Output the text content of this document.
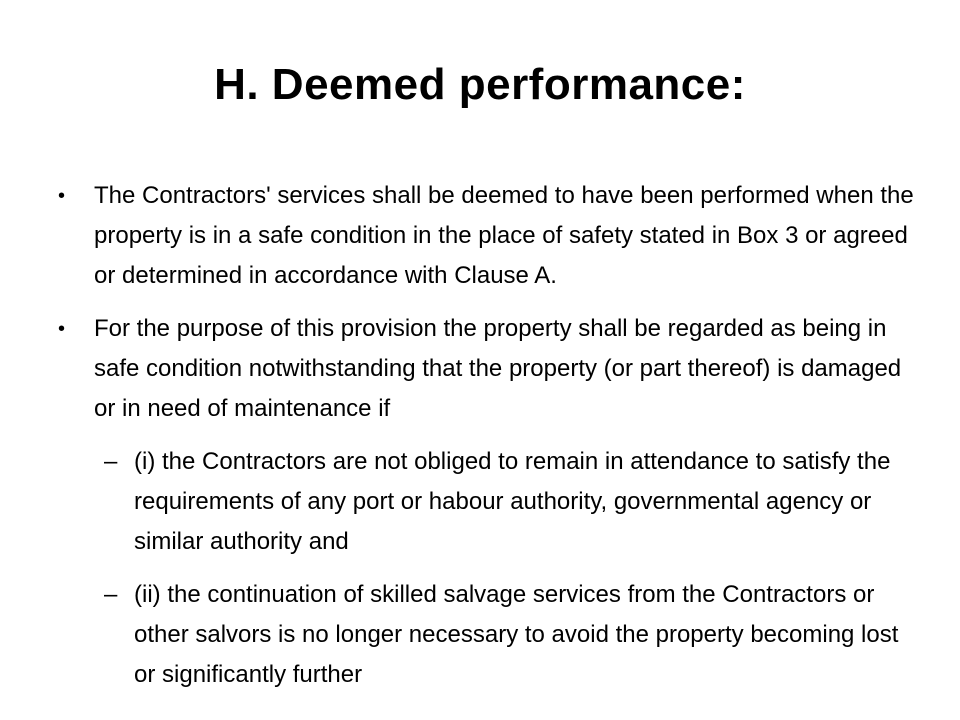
H. Deemed performance:
• The Contractors' services shall be deemed to have been performed when the property is in a safe condition in the place of safety stated in Box 3 or agreed or determined in accordance with Clause A.
• For the purpose of this provision the property shall be regarded as being in safe condition notwithstanding that the property (or part thereof) is damaged or in need of maintenance if
– (i) the Contractors are not obliged to remain in attendance to satisfy the requirements of any port or habour authority, governmental agency or similar authority and
– (ii) the continuation of skilled salvage services from the Contractors or other salvors is no longer necessary to avoid the property becoming lost or significantly further
